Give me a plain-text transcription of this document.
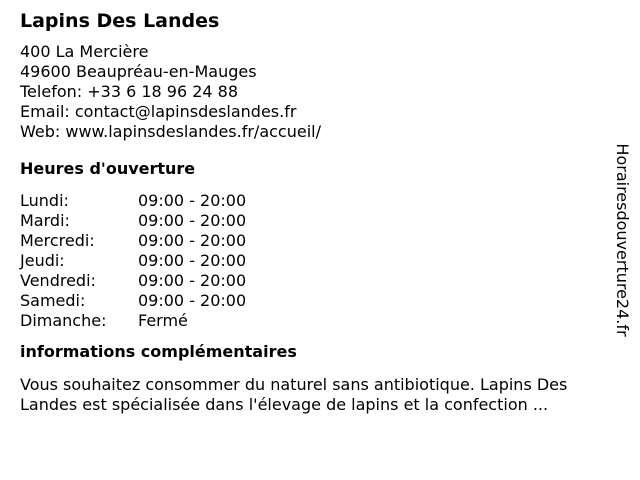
Lapins Des Landes
400 La Mercière
49600 Beaupréau-en-Mauges
Telefon: +33 6 18 96 24 88
Email: contact@lapinsdeslandes.fr
Web: www.lapinsdeslandes.fr/accueil/
Heures d'ouverture
Lundi:	09:00 - 20:00
Mardi:	09:00 - 20:00
Mercredi:	09:00 - 20:00
Jeudi:	09:00 - 20:00
Vendredi:	09:00 - 20:00
Samedi:	09:00 - 20:00
Dimanche: Fermé
informations complémentaires
Vous souhaitez consommer du naturel sans antibiotique. Lapins Des Landes est spécialisée dans l'élevage de lapins et la confection ...
Horairesdouverture24.fr
